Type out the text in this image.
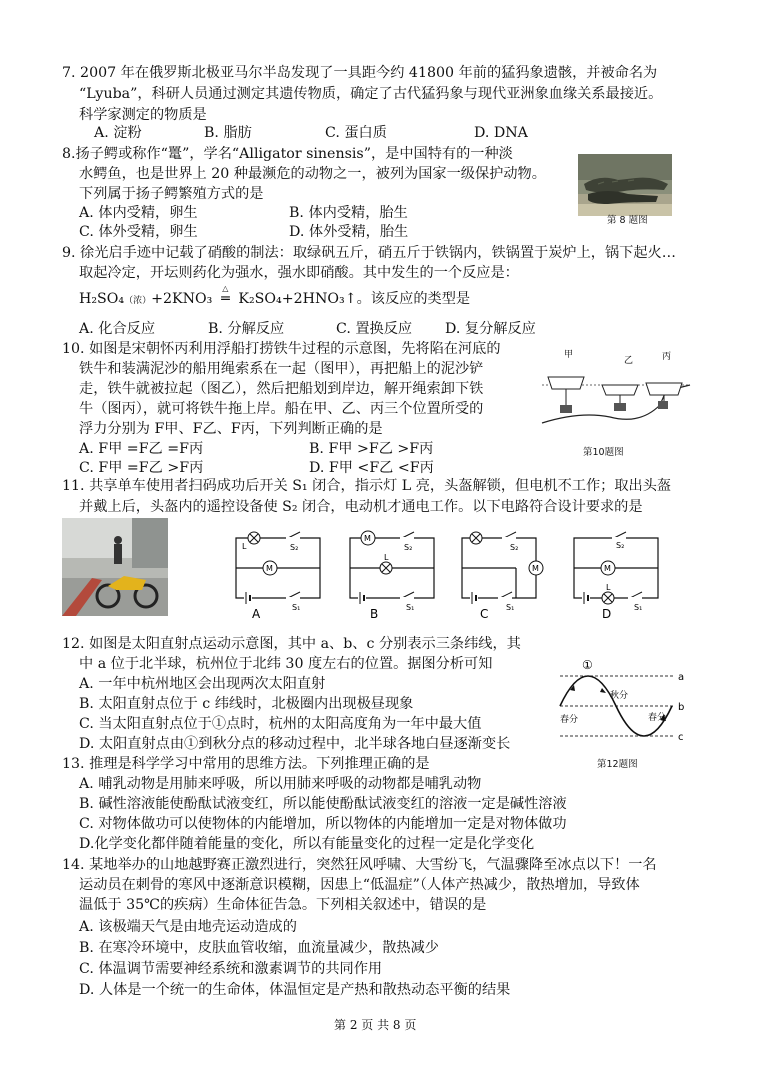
7. 2007 年在俄罗斯北极亚马尔半岛发现了一具距今约 41800 年前的猛犸象遗骸，并被命名为
“Lyuba”，科研人员通过测定其遗传物质，确定了古代猛犸象与现代亚洲象血缘关系最接近。
科学家测定的物质是
A. 淀粉	B. 脂肪	C. 蛋白质	D. DNA
8.扬子鳄或称作“鼍”，学名“Alligator sinensis”，是中国特有的一种淡
水鳄鱼，也是世界上 20 种最濒危的动物之一，被列为国家一级保护动物。
下列属于扬子鳄繁殖方式的是
A. 体内受精，卵生	B. 体内受精，胎生
C. 体外受精，卵生	D. 体外受精，胎生
第 8 题图
9. 徐光启手迹中记载了硝酸的制法：取绿矾五斤，硝五斤于铁锅内，铁锅置于炭炉上，锅下起火…
取起冷定，开坛则药化为强水，强水即硝酸。其中发生的一个反应是：
H₂SO₄（浓）+2KNO₃
△
═ K₂SO₄+2HNO₃↑。该反应的类型是
A. 化合反应	B. 分解反应	C. 置换反应 D. 复分解反应
10. 如图是宋朝怀丙利用浮船打捞铁牛过程的示意图，先将陷在河底的
铁牛和装满泥沙的船用绳索系在一起（图甲），再把船上的泥沙铲
走，铁牛就被拉起（图乙），然后把船划到岸边，解开绳索卸下铁
牛（图丙），就可将铁牛拖上岸。船在甲、乙、丙三个位置所受的
浮力分别为 F甲、F乙、F丙，下列判断正确的是
A. F甲 =F乙 =F丙	B. F甲 >F乙 >F丙
C. F甲 =F乙 >F丙	D. F甲 <F乙 <F丙
甲
乙	丙
第10题图
11. 共享单车使用者扫码成功后开关 S₁ 闭合，指示灯 L 亮，头盔解锁，但电机不工作；取出头盔
并戴上后，头盔内的遥控设备使 S₂ 闭合，电动机才通电工作。以下电路符合设计要求的是
L	S₂
M
S₁
A
M
S₂
L
S₁
B
S₂
M
S₁
C
S₂
M
L
S₁
D
12. 如图是太阳直射点运动示意图，其中 a、b、c 分别表示三条纬线，其
中 a 位于北半球，杭州位于北纬 30 度左右的位置。据图分析可知
A. 一年中杭州地区会出现两次太阳直射
B. 太阳直射点位于 c 纬线时，北极圈内出现极昼现象
C. 当太阳直射点位于①点时，杭州的太阳高度角为一年中最大值
D. 太阳直射点由①到秋分点的移动过程中，北半球各地白昼逐渐变长
①
a
b
c
秋分
春分	春分
第12题图
13. 推理是科学学习中常用的思维方法。下列推理正确的是
A. 哺乳动物是用肺来呼吸，所以用肺来呼吸的动物都是哺乳动物
B. 碱性溶液能使酚酞试液变红，所以能使酚酞试液变红的溶液一定是碱性溶液
C. 对物体做功可以使物体的内能增加，所以物体的内能增加一定是对物体做功
D.化学变化都伴随着能量的变化，所以有能量变化的过程一定是化学变化
14. 某地举办的山地越野赛正激烈进行，突然狂风呼啸、大雪纷飞，气温骤降至冰点以下！一名
运动员在刺骨的寒风中逐渐意识模糊，因患上“低温症”（人体产热减少，散热增加，导致体
温低于 35℃的疾病）生命体征告急。下列相关叙述中，错误的是
A. 该极端天气是由地壳运动造成的
B. 在寒冷环境中，皮肤血管收缩，血流量减少，散热减少
C. 体温调节需要神经系统和激素调节的共同作用
D. 人体是一个统一的生命体，体温恒定是产热和散热动态平衡的结果
第 2 页 共 8 页
